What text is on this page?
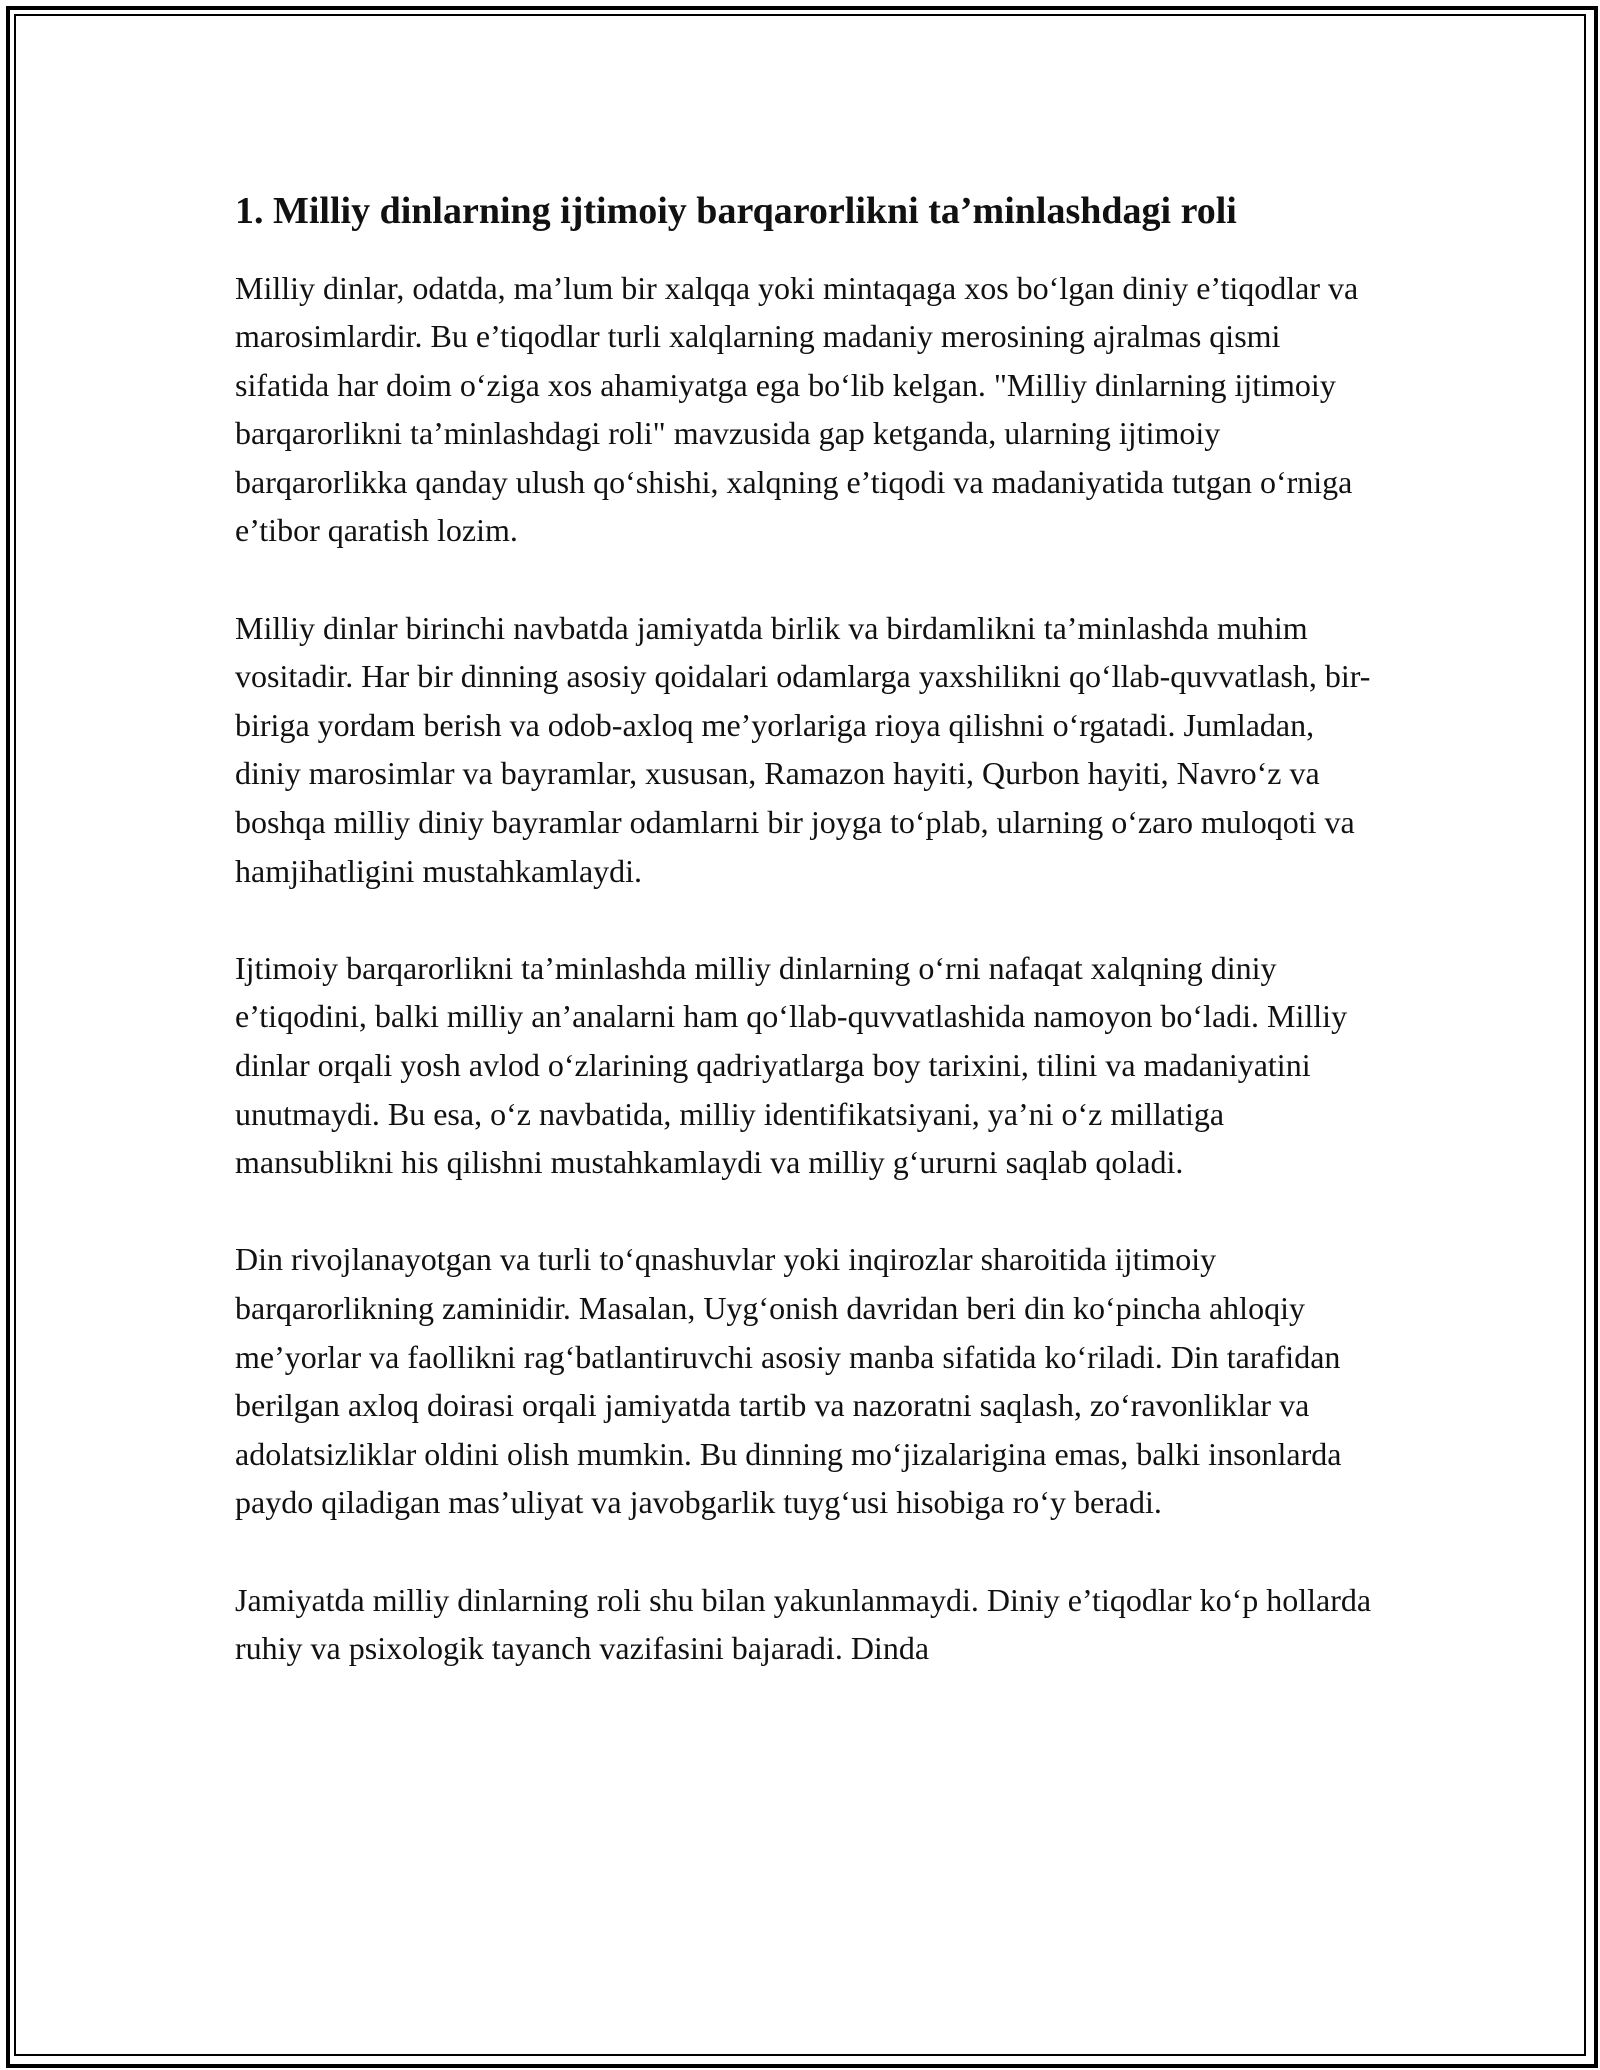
1. Milliy dinlarning ijtimoiy barqarorlikni ta’minlashdagi roli

Milliy dinlar, odatda, ma’lum bir xalqqa yoki mintaqaga xos bo‘lgan diniy e’tiqodlar va marosimlardir. Bu e’tiqodlar turli xalqlarning madaniy merosining ajralmas qismi sifatida har doim o‘ziga xos ahamiyatga ega bo‘lib kelgan. "Milliy dinlarning ijtimoiy barqarorlikni ta’minlashdagi roli" mavzusida gap ketganda, ularning ijtimoiy barqarorlikka qanday ulush qo‘shishi, xalqning e’tiqodi va madaniyatida tutgan o‘rniga e’tibor qaratish lozim.

Milliy dinlar birinchi navbatda jamiyatda birlik va birdamlikni ta’minlashda muhim vositadir. Har bir dinning asosiy qoidalari odamlarga yaxshilikni qo‘llab-quvvatlash, bir-biriga yordam berish va odob-axloq me’yorlariga rioya qilishni o‘rgatadi. Jumladan, diniy marosimlar va bayramlar, xususan, Ramazon hayiti, Qurbon hayiti, Navro‘z va boshqa milliy diniy bayramlar odamlarni bir joyga to‘plab, ularning o‘zaro muloqoti va hamjihatligini mustahkamlaydi.

Ijtimoiy barqarorlikni ta’minlashda milliy dinlarning o‘rni nafaqat xalqning diniy e’tiqodini, balki milliy an’analarni ham qo‘llab-quvvatlashida namoyon bo‘ladi. Milliy dinlar orqali yosh avlod o‘zlarining qadriyatlarga boy tarixini, tilini va madaniyatini unutmaydi. Bu esa, o‘z navbatida, milliy identifikatsiyani, ya’ni o‘z millatiga mansublikni his qilishni mustahkamlaydi va milliy g‘ururni saqlab qoladi.

Din rivojlanayotgan va turli to‘qnashuvlar yoki inqirozlar sharoitida ijtimoiy barqarorlikning zaminidir. Masalan, Uyg‘onish davridan beri din ko‘pincha ahloqiy me’yorlar va faollikni rag‘batlantiruvchi asosiy manba sifatida ko‘riladi. Din tarafidan berilgan axloq doirasi orqali jamiyatda tartib va nazoratni saqlash, zo‘ravonliklar va adolatsizliklar oldini olish mumkin. Bu dinning mo‘jizalarigina emas, balki insonlarda paydo qiladigan mas’uliyat va javobgarlik tuyg‘usi hisobiga ro‘y beradi.

Jamiyatda milliy dinlarning roli shu bilan yakunlanmaydi. Diniy e’tiqodlar ko‘p hollarda ruhiy va psixologik tayanch vazifasini bajaradi. Dinda
